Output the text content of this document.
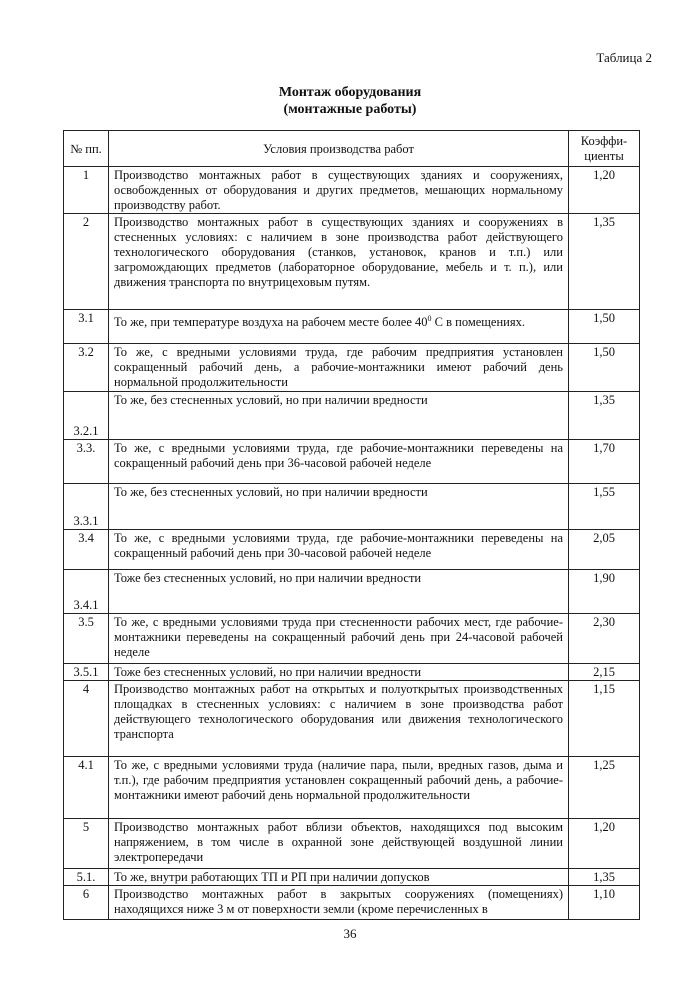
Таблица 2
Монтаж оборудования
(монтажные работы)
№ пп.	Условия производства работ	Коэффи-циенты
1	Производство монтажных работ в существующих зданиях и сооружениях, освобожденных от оборудования и других предметов, мешающих нормальному производству работ.	1,20
2	Производство монтажных работ в существующих зданиях и сооружениях в стесненных условиях: с наличием в зоне производства работ действующего технологического оборудования (станков, установок, кранов и т.п.) или загромождающих предметов (лабораторное оборудование, мебель и т. п.), или движения транспорта по внутрицеховым путям.	1,35
3.1	То же, при температуре воздуха на рабочем месте более $40^0$ С в помещениях.	1,50
3.2	То же, с вредными условиями труда, где рабочим предприятия установлен сокращенный рабочий день, а рабочие-монтажники имеют рабочий день нормальной продолжительности	1,50
3.2.1	То же, без стесненных условий, но при наличии вредности	1,35
3.3.	То же, с вредными условиями труда, где рабочие-монтажники переведены на сокращенный рабочий день при 36-часовой рабочей неделе	1,70
3.3.1	То же, без стесненных условий, но при наличии вредности	1,55
3.4	То же, с вредными условиями труда, где рабочие-монтажники переведены на сокращенный рабочий день при 30-часовой рабочей неделе	2,05
3.4.1	Тоже без стесненных условий, но при наличии вредности	1,90
3.5	То же, с вредными условиями труда при стесненности рабочих мест, где рабочие-монтажники переведены на сокращенный рабочий день при 24-часовой рабочей неделе	2,30
3.5.1	Тоже без стесненных условий, но при наличии вредности	2,15
4	Производство монтажных работ на открытых и полуоткрытых производственных площадках в стесненных условиях: с наличием в зоне производства работ действующего технологического оборудования или движения технологического транспорта	1,15
4.1	То же, с вредными условиями труда (наличие пара, пыли, вредных газов, дыма и т.п.), где рабочим предприятия установлен сокращенный рабочий день, а рабочие-монтажники имеют рабочий день нормальной продолжительности	1,25
5	Производство монтажных работ вблизи объектов, находящихся под высоким напряжением, в том числе в охранной зоне действующей воздушной линии электропередачи	1,20
5.1.	То же, внутри работающих ТП и РП при наличии допусков	1,35
6	Производство монтажных работ в закрытых сооружениях (помещениях) находящихся ниже 3 м от поверхности земли (кроме перечисленных в	1,10
36
